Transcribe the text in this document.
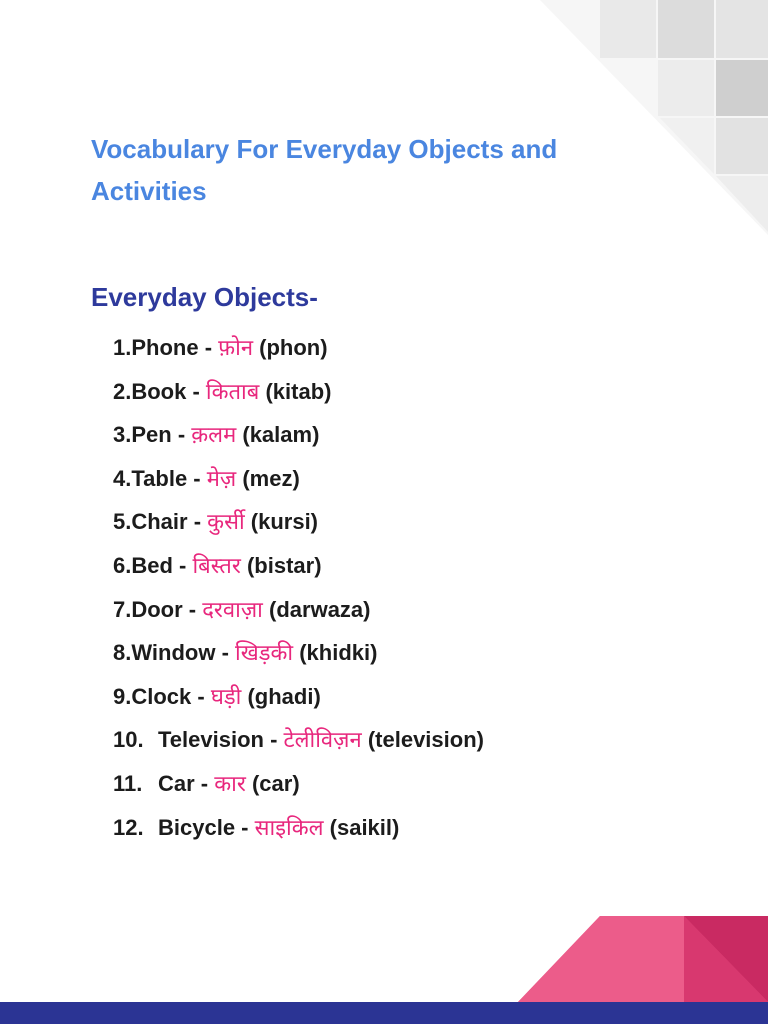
Vocabulary For Everyday Objects and Activities
Everyday Objects-
1.Phone - फ़ोन (phon)
2.Book - किताब (kitab)
3.Pen - क़लम (kalam)
4.Table - मेज़ (mez)
5.Chair - कुर्सी (kursi)
6.Bed - बिस्तर (bistar)
7.Door - दरवाज़ा (darwaza)
8.Window - खिड़की (khidki)
9.Clock - घड़ी (ghadi)
10. Television - टेलीविज़न (television)
11. Car - कार (car)
12. Bicycle - साइकिल (saikil)
